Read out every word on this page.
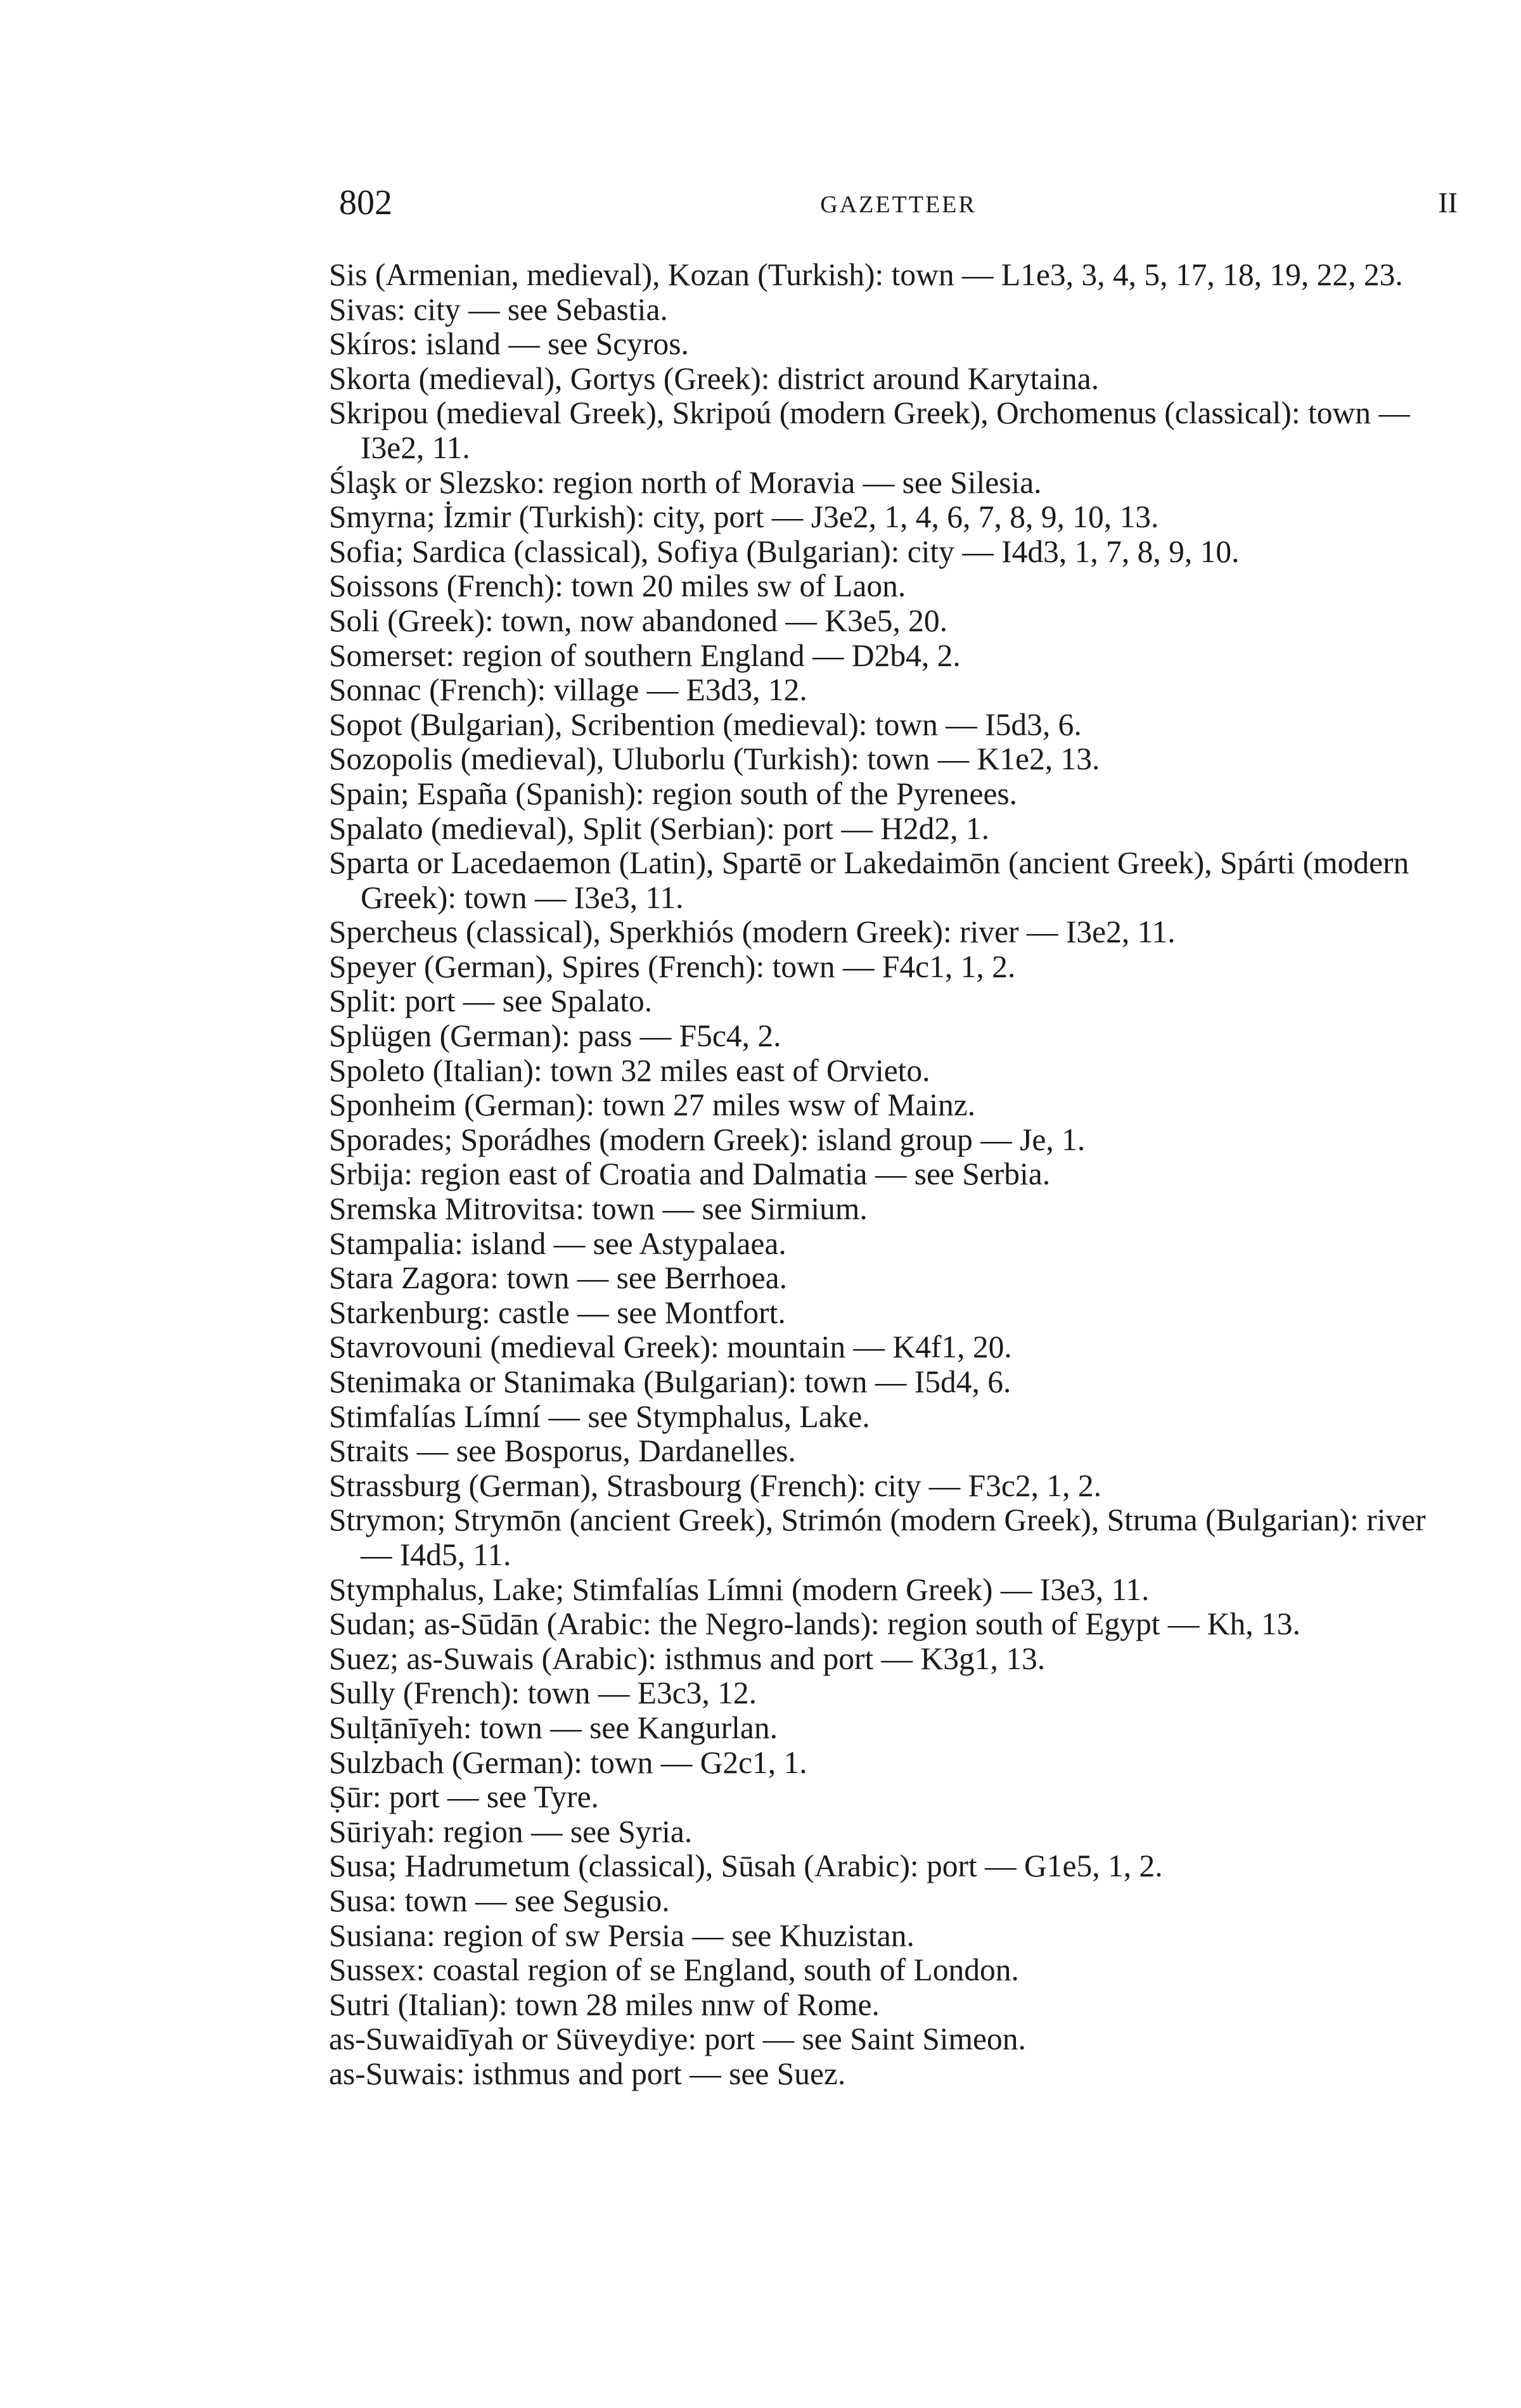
802	GAZETTEER	II
Sis (Armenian, medieval), Kozan (Turkish): town — L1e3, 3, 4, 5, 17, 18, 19, 22, 23.
Sivas: city — see Sebastia.
Skíros: island — see Scyros.
Skorta (medieval), Gortys (Greek): district around Karytaina.
Skripou (medieval Greek), Skripoú (modern Greek), Orchomenus (classical): town — I3e2, 11.
Ślaşk or Slezsko: region north of Moravia — see Silesia.
Smyrna; İzmir (Turkish): city, port — J3e2, 1, 4, 6, 7, 8, 9, 10, 13.
Sofia; Sardica (classical), Sofiya (Bulgarian): city — I4d3, 1, 7, 8, 9, 10.
Soissons (French): town 20 miles sw of Laon.
Soli (Greek): town, now abandoned — K3e5, 20.
Somerset: region of southern England — D2b4, 2.
Sonnac (French): village — E3d3, 12.
Sopot (Bulgarian), Scribention (medieval): town — I5d3, 6.
Sozopolis (medieval), Uluborlu (Turkish): town — K1e2, 13.
Spain; España (Spanish): region south of the Pyrenees.
Spalato (medieval), Split (Serbian): port — H2d2, 1.
Sparta or Lacedaemon (Latin), Spartē or Lakedaimōn (ancient Greek), Spárti (modern Greek): town — I3e3, 11.
Spercheus (classical), Sperkhiós (modern Greek): river — I3e2, 11.
Speyer (German), Spires (French): town — F4c1, 1, 2.
Split: port — see Spalato.
Splügen (German): pass — F5c4, 2.
Spoleto (Italian): town 32 miles east of Orvieto.
Sponheim (German): town 27 miles wsw of Mainz.
Sporades; Sporádhes (modern Greek): island group — Je, 1.
Srbija: region east of Croatia and Dalmatia — see Serbia.
Sremska Mitrovitsa: town — see Sirmium.
Stampalia: island — see Astypalaea.
Stara Zagora: town — see Berrhoea.
Starkenburg: castle — see Montfort.
Stavrovouni (medieval Greek): mountain — K4f1, 20.
Stenimaka or Stanimaka (Bulgarian): town — I5d4, 6.
Stimfalías Límní — see Stymphalus, Lake.
Straits — see Bosporus, Dardanelles.
Strassburg (German), Strasbourg (French): city — F3c2, 1, 2.
Strymon; Strymōn (ancient Greek), Strimón (modern Greek), Struma (Bulgarian): river — I4d5, 11.
Stymphalus, Lake; Stimfalías Límni (modern Greek) — I3e3, 11.
Sudan; as-Sūdān (Arabic: the Negro-lands): region south of Egypt — Kh, 13.
Suez; as-Suwais (Arabic): isthmus and port — K3g1, 13.
Sully (French): town — E3c3, 12.
Sulṭānīyeh: town — see Kangurlan.
Sulzbach (German): town — G2c1, 1.
Ṣūr: port — see Tyre.
Sūriyah: region — see Syria.
Susa; Hadrumetum (classical), Sūsah (Arabic): port — G1e5, 1, 2.
Susa: town — see Segusio.
Susiana: region of sw Persia — see Khuzistan.
Sussex: coastal region of se England, south of London.
Sutri (Italian): town 28 miles nnw of Rome.
as-Suwaidīyah or Süveydiye: port — see Saint Simeon.
as-Suwais: isthmus and port — see Suez.
